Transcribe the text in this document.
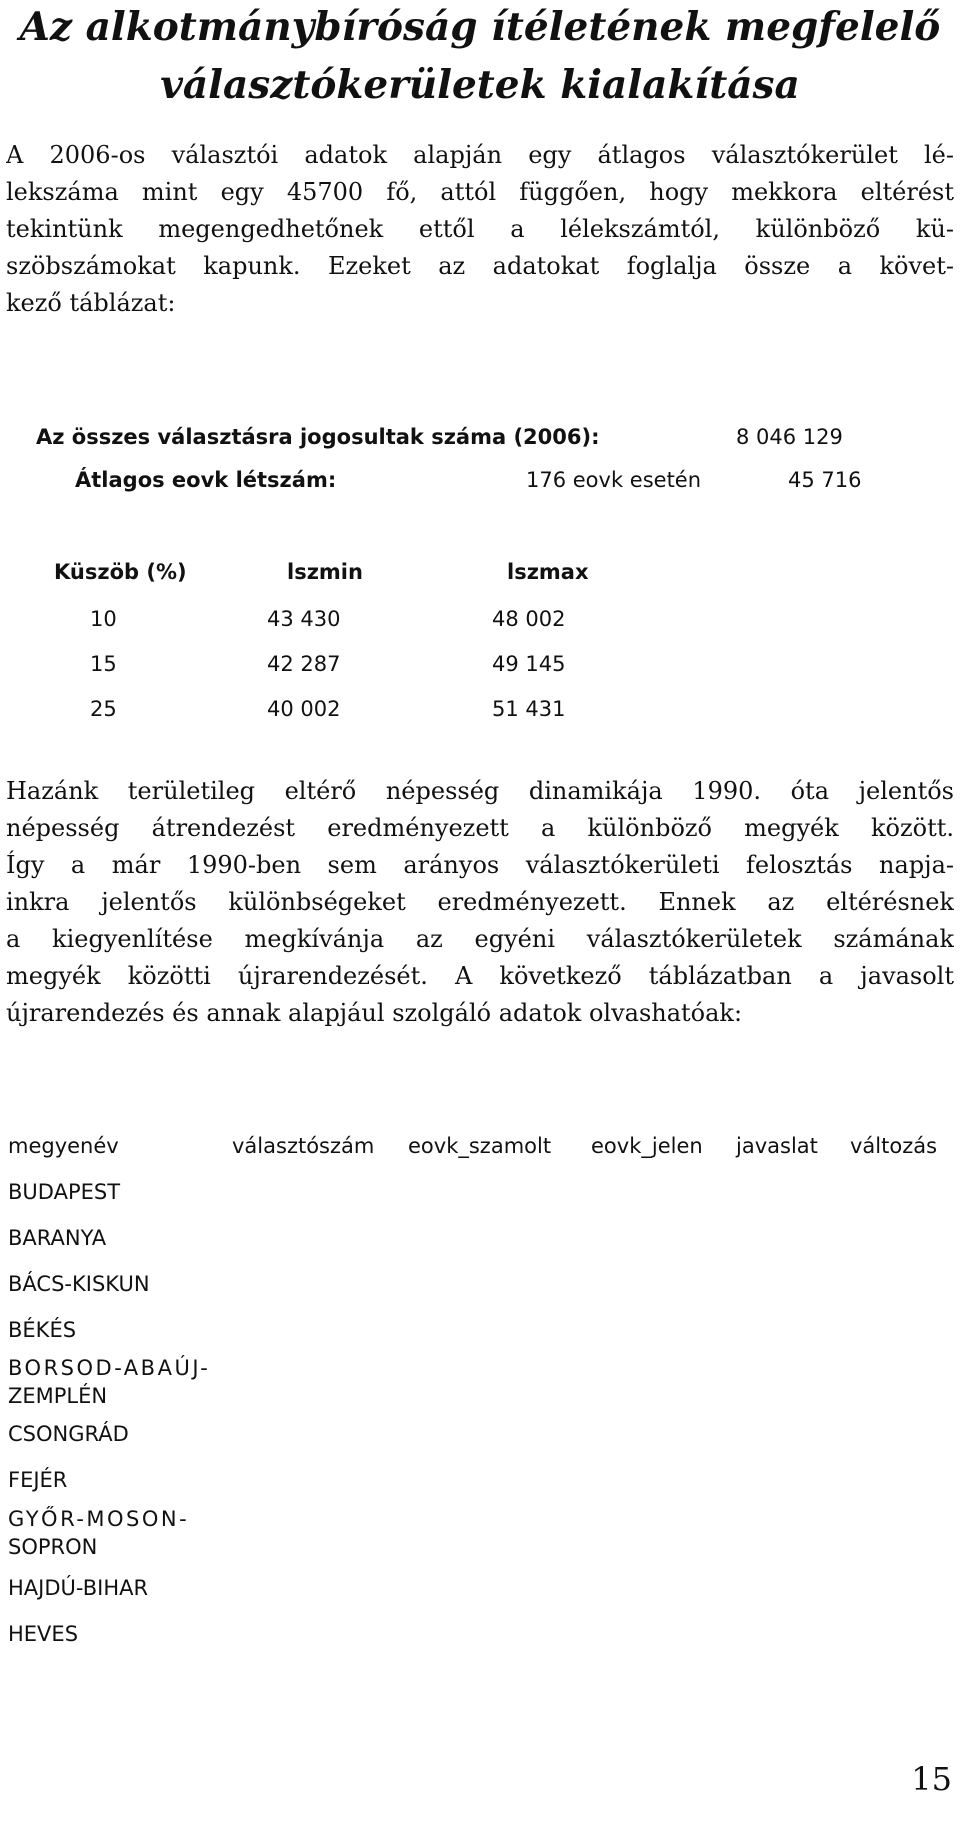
Az alkotmánybíróság ítéletének megfelelő
választókerületek kialakítása
A 2006-os választói adatok alapján egy átlagos választókerület lé-
lekszáma mint egy 45700 fő, attól függően, hogy mekkora eltérést
tekintünk megengedhetőnek ettől a lélekszámtól, különböző kü-
szöbszámokat kapunk. Ezeket az adatokat foglalja össze a követ-
kező táblázat:
Az összes választásra jogosultak száma (2006):	8 046 129
Átlagos eovk létszám:	176 eovk esetén	45 716
Küszöb (%)	lszmin	lszmax
10	43 430	48 002
15	42 287	49 145
25	40 002	51 431
Hazánk területileg eltérő népesség dinamikája 1990. óta jelentős
népesség átrendezést eredményezett a különböző megyék között.
Így a már 1990-ben sem arányos választókerületi felosztás napja-
inkra jelentős különbségeket eredményezett. Ennek az eltérésnek
a kiegyenlítése megkívánja az egyéni választókerületek számának
megyék közötti újrarendezését. A következő táblázatban a javasolt
újrarendezés és annak alapjául szolgáló adatok olvashatóak:
megyenév	választószám eovk_szamolt eovk_jelen javaslat változás
BUDAPEST
BARANYA
BÁCS-KISKUN
BÉKÉS
BORSOD-ABAÚJ-
ZEMPLÉN
CSONGRÁD
FEJÉR
GYŐR-MOSON-
SOPRON
HAJDÚ-BIHAR
HEVES
15
